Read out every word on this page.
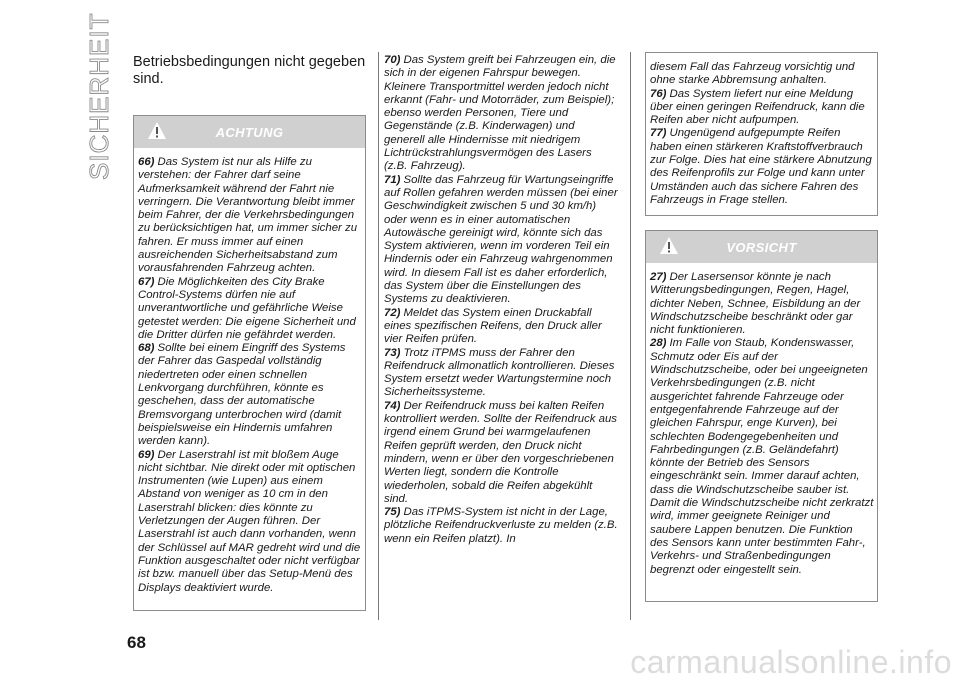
SICHERHEIT Betriebsbedingungen nicht gegeben sind.
ACHTUNG

66) Das System ist nur als Hilfe zu verstehen: der Fahrer darf seine Aufmerksamkeit während der Fahrt nie verringern. Die Verantwortung bleibt immer beim Fahrer, der die Verkehrsbedingungen zu berücksichtigen hat, um immer sicher zu fahren. Er muss immer auf einen ausreichenden Sicherheitsabstand zum vorausfahrenden Fahrzeug achten.

67) Die Möglichkeiten des City Brake Control-Systems dürfen nie auf unverantwortliche und gefährliche Weise getestet werden: Die eigene Sicherheit und die Dritter dürfen nie gefährdet werden.

68) Sollte bei einem Eingriff des Systems der Fahrer das Gaspedal vollständig niedertreten oder einen schnellen Lenkvorgang durchführen, könnte es geschehen, dass der automatische Bremsvorgang unterbrochen wird (damit beispielsweise ein Hindernis umfahren werden kann).

69) Der Laserstrahl ist mit bloßem Auge nicht sichtbar. Nie direkt oder mit optischen Instrumenten (wie Lupen) aus einem Abstand von weniger as 10 cm in den Laserstrahl blicken: dies könnte zu Verletzungen der Augen führen. Der Laserstrahl ist auch dann vorhanden, wenn der Schlüssel auf MAR gedreht wird und die Funktion ausgeschaltet oder nicht verfügbar ist bzw. manuell über das Setup-Menü des Displays deaktiviert wurde.

70) Das System greift bei Fahrzeugen ein, die sich in der eigenen Fahrspur bewegen. Kleinere Transportmittel werden jedoch nicht erkannt (Fahr- und Motorräder, zum Beispiel); ebenso werden Personen, Tiere und Gegenstände (z.B. Kinderwagen) und generell alle Hindernisse mit niedrigem Lichtrückstrahlungsvermögen des Lasers (z.B. Fahrzeug).

71) Sollte das Fahrzeug für Wartungseingriffe auf Rollen gefahren werden müssen (bei einer Geschwindigkeit zwischen 5 und 30 km/h) oder wenn es in einer automatischen Autowäsche gereinigt wird, könnte sich das System aktivieren, wenn im vorderen Teil ein Hindernis oder ein Fahrzeug wahrgenommen wird. In diesem Fall ist es daher erforderlich, das System über die Einstellungen des Systems zu deaktivieren.

72) Meldet das System einen Druckabfall eines spezifischen Reifens, den Druck aller vier Reifen prüfen.

73) Trotz iTPMS muss der Fahrer den Reifendruck allmonatlich kontrollieren. Dieses System ersetzt weder Wartungstermine noch Sicherheitssysteme.

74) Der Reifendruck muss bei kalten Reifen kontrolliert werden. Sollte der Reifendruck aus irgend einem Grund bei warmgelaufenen Reifen geprüft werden, den Druck nicht mindern, wenn er über den vorgeschriebenen Werten liegt, sondern die Kontrolle wiederholen, sobald die Reifen abgekühlt sind.

75) Das iTPMS-System ist nicht in der Lage, plötzliche Reifendruckverluste zu melden (z.B. wenn ein Reifen platzt). In

diesem Fall das Fahrzeug vorsichtig und ohne starke Abbremsung anhalten.

76) Das System liefert nur eine Meldung über einen geringen Reifendruck, kann die Reifen aber nicht aufpumpen.

77) Ungenügend aufgepumpte Reifen haben einen stärkeren Kraftstoffverbrauch zur Folge. Dies hat eine stärkere Abnutzung des Reifenprofils zur Folge und kann unter Umständen auch das sichere Fahren des Fahrzeugs in Frage stellen.

VORSICHT

27) Der Lasersensor könnte je nach Witterungsbedingungen, Regen, Hagel, dichter Neben, Schnee, Eisbildung an der Windschutzscheibe beschränkt oder gar nicht funktionieren.

28) Im Falle von Staub, Kondenswasser, Schmutz oder Eis auf der Windschutzscheibe, oder bei ungeeigneten Verkehrsbedingungen (z.B. nicht ausgerichtet fahrende Fahrzeuge oder entgegenfahrende Fahrzeuge auf der gleichen Fahrspur, enge Kurven), bei schlechten Bodengegebenheiten und Fahrbedingungen (z.B. Geländefahrt) könnte der Betrieb des Sensors eingeschränkt sein. Immer darauf achten, dass die Windschutzscheibe sauber ist. Damit die Windschutzscheibe nicht zerkratzt wird, immer geeignete Reiniger und saubere Lappen benutzen. Die Funktion des Sensors kann unter bestimmten Fahr-, Verkehrs- und Straßenbedingungen begrenzt oder eingestellt sein.

68
carmanualsonline.info
